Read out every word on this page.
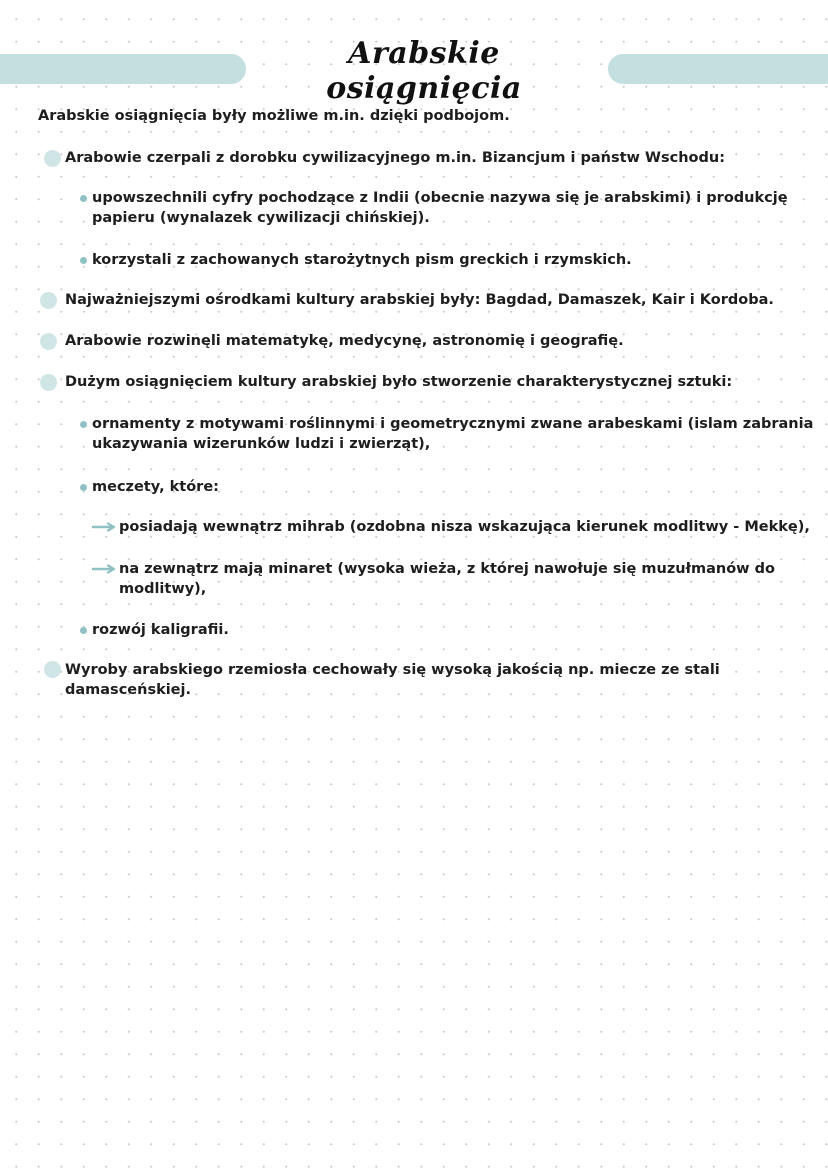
Arabskie osiągnięcia
Arabskie osiągnięcia były możliwe m.in. dzięki podbojom.
Arabowie czerpali z dorobku cywilizacyjnego m.in. Bizancjum i państw Wschodu:
upowszechnili cyfry pochodzące z Indii (obecnie nazywa się je arabskimi) i produkcję
papieru (wynalazek cywilizacji chińskiej).
korzystali z zachowanych starożytnych pism greckich i rzymskich.
Najważniejszymi ośrodkami kultury arabskiej były: Bagdad, Damaszek, Kair i Kordoba.
Arabowie rozwinęli matematykę, medycynę, astronomię i geografię.
Dużym osiągnięciem kultury arabskiej było stworzenie charakterystycznej sztuki:
ornamenty z motywami roślinnymi i geometrycznymi zwane arabeskami (islam zabrania
ukazywania wizerunków ludzi i zwierząt),
meczety, które:
posiadają wewnątrz mihrab (ozdobna nisza wskazująca kierunek modlitwy - Mekkę),
na zewnątrz mają minaret (wysoka wieża, z której nawołuje się muzułmanów do
modlitwy),
rozwój kaligrafii.
Wyroby arabskiego rzemiosła cechowały się wysoką jakością np. miecze ze stali
damasceńskiej.
